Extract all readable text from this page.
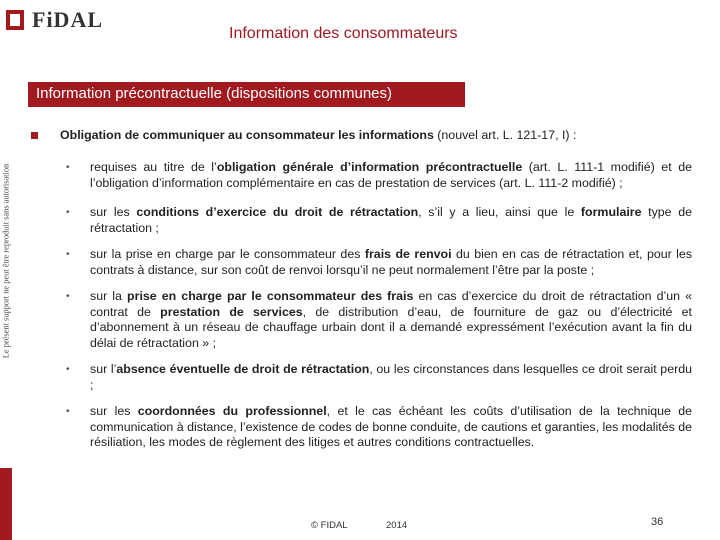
FiDAL
Information des consommateurs
Information précontractuelle (dispositions communes)
Le présent support ne peut être reproduit sans autorisation
Obligation de communiquer au consommateur les informations (nouvel art. L. 121-17, I) :
• requises au titre de l’obligation générale d’information précontractuelle (art. L. 111-1 modifié) et de l’obligation d’information complémentaire en cas de prestation de services (art. L. 111-2 modifié) ;
• sur les conditions d’exercice du droit de rétractation, s’il y a lieu, ainsi que le formulaire type de rétractation ;
• sur la prise en charge par le consommateur des frais de renvoi du bien en cas de rétractation et, pour les contrats à distance, sur son coût de renvoi lorsqu’il ne peut normalement l’être par la poste ;
• sur la prise en charge par le consommateur des frais en cas d’exercice du droit de rétractation d’un « contrat de prestation de services, de distribution d’eau, de fourniture de gaz ou d’électricité et d’abonnement à un réseau de chauffage urbain dont il a demandé expressément l’exécution avant la fin du délai de rétractation » ;
• sur l’absence éventuelle de droit de rétractation, ou les circonstances dans lesquelles ce droit serait perdu ;
• sur les coordonnées du professionnel, et le cas échéant les coûts d’utilisation de la technique de communication à distance, l’existence de codes de bonne conduite, de cautions et garanties, les modalités de résiliation, les modes de règlement des litiges et autres conditions contractuelles.
© FIDAL	2014	36
